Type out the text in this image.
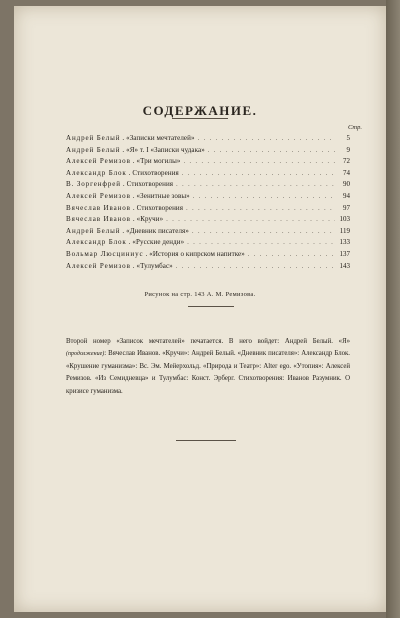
СОДЕРЖАНИЕ.
Стр.
Андрей Белый . «Записки мечтателей» . . .	5
Андрей Белый . «Я» т. I «Записки чудака» . . .	9
Алексей Ремизов . «Три могилы» . . .	72
Александр Блок . Стихотворения . . .	74
В. Зоргенфрей . Стихотворения . . .	90
Алексей Ремизов . «Зенитные зовы» . . .	94
Вячеслав Иванов . Стихотворения . . .	97
Вячеслав Иванов . «Кручи» . . .	103
Андрей Белый . «Дневник писателя» . . .	119
Александр Блок . «Русские денди» . . .	133
Вольмар Люсциниус . «История о кипрском напитке» . . .	137
Алексей Ремизов . «Тулумбас» . . .	143
Рисунок на стр. 143 А. М. Ремизова.
Второй номер «Записок мечтателей» печатается. В него войдет: Андрей Белый. «Я» (продолжение): Вячеслав Иванов. «Кручи»: Андрей Белый. «Дневник писателя»: Александр Блок. «Крушение гуманизма»: Вс. Эм. Мейерхольд. «Природа и Театр»: Alter ego. «Утопия»: Алексей Ремизов. «Из Семидневца» и Тулумбас: Конст. Эрберг. Стихотворения: Иванов Разумник. О кризисе гуманизма.
